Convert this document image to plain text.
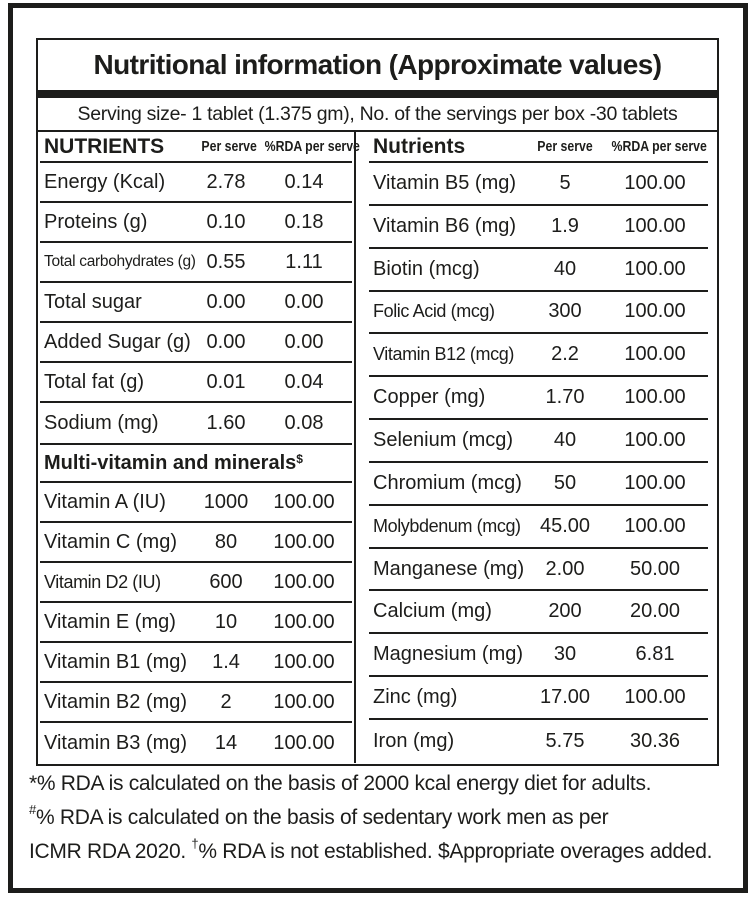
Nutritional information (Approximate values)
Serving size- 1 tablet (1.375 gm), No. of the servings per box -30 tablets
NUTRIENTS	Per serve %RDA per serve
Energy (Kcal)	2.78	0.14
Proteins (g)	0.10	0.18
Total carbohydrates (g) 0.55	1.11
Total sugar	0.00	0.00
Added Sugar (g) 0.00	0.00
Total fat (g)	0.01	0.04
Sodium (mg)	1.60	0.08
Multi-vitamin and minerals$
Vitamin A (IU)	1000	100.00
Vitamin C (mg)	80	100.00
Vitamin D2 (IU)	600	100.00
Vitamin E (mg)	10	100.00
Vitamin B1 (mg)	1.4	100.00
Vitamin B2 (mg)	2	100.00
Vitamin B3 (mg)	14	100.00
Nutrients	Per serve %RDA per serve
Vitamin B5 (mg)	5	100.00
Vitamin B6 (mg)	1.9	100.00
Biotin (mcg)	40	100.00
Folic Acid (mcg)	300	100.00
Vitamin B12 (mcg)	2.2	100.00
Copper (mg)	1.70	100.00
Selenium (mcg)	40	100.00
Chromium (mcg)	50	100.00
Molybdenum (mcg) 45.00	100.00
Manganese (mg)	2.00	50.00
Calcium (mg)	200	20.00
Magnesium (mg)	30	6.81
Zinc (mg)	17.00	100.00
Iron (mg)	5.75	30.36
*% RDA is calculated on the basis of 2000 kcal energy diet for adults.
#% RDA is calculated on the basis of sedentary work men as per
ICMR RDA 2020. †% RDA is not established. $Appropriate overages added.
